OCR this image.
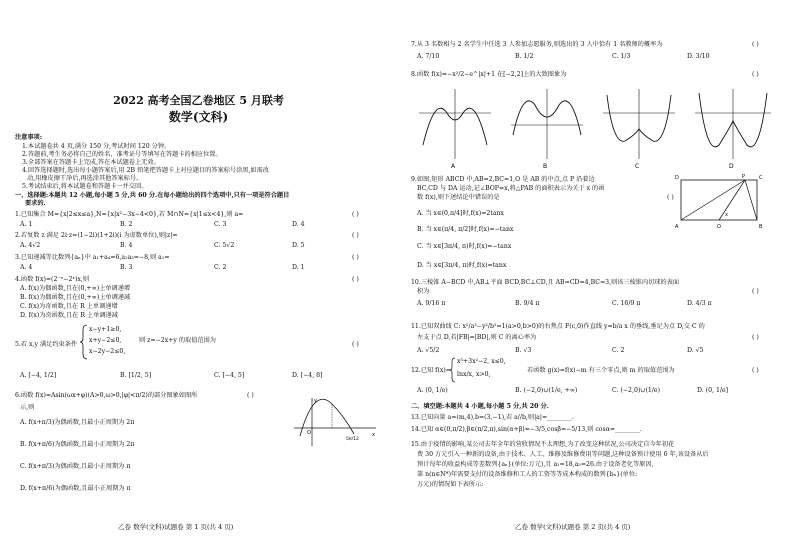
2022 高考全国乙卷地区 5 月联考
数学(文科)
注意事项:
1.本试题卷共 4 页,满分 150 分,考试时间 120 分钟。
2.答题前,考生务必将自己的姓名、准考证号等填写在答题卡的相应位置。
3.全部答案在答题卡上完成,答在本试题卷上无效。
4.回答选择题时,选出每小题答案后,用 2B 铅笔把答题卡上对应题目的答案标号涂黑,如需改
动,用橡皮擦干净后,再选涂其他答案标号。
5.考试结束后,将本试题卷和答题卡一并交回。
一、选择题:本题共 12 小题,每小题 5 分,共 60 分.在每小题给出的四个选项中,只有一项是符合题目
要求的.
1.已知集合 M={x|2≤x≤a},N={x|x²−3x−4<0},若 M∩N={x|1≤x<4},则 a=	( )
A. 1	B. 2	C. 3	D. 4
2.若复数 z 满足 2i·z=(1−2i)(1+2i)(i 为虚数单位),则|z|=	( )
A. 4√2	B. 4	C. 5√2	D. 5
3.已知递减等比数列{aₙ}中 a₁+a₄=6,a₂a₃=−8,则 a₁=	( )
A. 4	B. 3	C. 2	D. 1
4.函数 f(x)=(2⁻ˣ−2ˣ)x,则	( )
A. f(x)为偶函数,且在(0,+∞)上单调递增
B. f(x)为偶函数,且在(0,+∞)上单调递减
C. f(x)为奇函数,且在 R 上单调递增
D. f(x)为奇函数,且在 R 上单调递减
5.若 x,y 满足约束条件
x−y+1≥0,
x+y−2≤0,
x−2y−2≤0,
则 z=−2x+y 的取值范围为
( )
A. [−4, 1/2]	B. [1/2, 5]	C. [−4, 5]	D. [−4, 8]
6.函数 f(x)=Asin(ωx+φ)(A>0,ω>0,|φ|<π/2)的部分图象如图所
示,则
A. f(x+π/3)为偶函数,且最小正周期为 2π
B. f(x+π/6)为偶函数,且最小正周期为 2π
C. f(x+π/3)为偶函数,且最小正周期为 π
D. f(x+π/6)为偶函数,且最小正周期为 π
( )
O	x
y
5π/12
乙卷 数学(文科)试题卷 第 1 页(共 4 页)
7.从 3 名数相与 2 名学生中任选 3 人参加志愿服务,则选出的 3 人中恰有 1 名教师的概率为	( )
A. 7/10	B. 1/2	C. 1/3	D. 3/10
8.函数 f(x)=−x²/2−e^|x|+1 在[−2,2]上的大致图象为	( )
A	B	C	D
9.如图,矩形 ABCD 中,AB=2,BC=1,O 是 AB 的中点,点 P 沿着边
BC,CD 与 DA 运动,记∠BOP=x,将△PAB 的面积表示为关于 x 的函
数 f(x),则下述结论中错误的是	( )
A. 当 x∈(0,π/4]时,f(x)=2tanx
B. 当 x∈(π/4, π/2]时,f(x)=−tanx
C. 当 x∈[3π/4, π)时,f(x)=−tanx
D. 当 x∈[3π/4, π)时,f(x)=tanx
D	P	C
A	O	B
x
10.三棱锥 A−BCD 中,AB⊥平面 BCD,BC⊥CD,且 AB=CD=4,BC=3,则该三棱锥内切球的表面
积为	( )
A. 9/16 π	B. 9/4 π	C. 16/9 π	D. 4/3 π
11.已知双曲线 C: x²/a²−y²/b²=1(a>0,b>0)的右焦点 F(c,0)作直线 y=b/a x 的垂线,垂足为点 D,交 C 的
左支于点 D,若|FB|=|BD|,则 C 的离心率为	( )
A. √5/2	B. √3	C. 2	D. √5
12.已知 f(x)=
x³+3x²−2, x≤0,
lnx/x, x>0,
若函数 g(x)=f(x)−m 有三个零点,则 m 的取值范围为	( )
A. (0, 1/e)	B. (−2,0)∪(1/e, +∞)	C. (−2,0)∪(1/e)	D. (0, 1/e]
二、填空题:本题共 4 小题,每小题 5 分,共 20 分.
13.已知向量 a=(m,4),b=(3,−1),若 a//b,则|a|=________.
14.已知 α∈(0,π/2),β∈(π/2,π),sin(α+β)=−3/5,cosβ=−5/13,则 cosα=________.
15.由于疫情的影响,某公司去年全年的营收情况不太理想,为了改变这种状况,公司决定自今年初花
费 30 万元引入一种新的设备,由于技术、人工、维修及维修费用等问题,这种设备预计使用 6 年,该设备从后
预计每年的收益构成等差数列{aₙ}(单位:万元),且 a₁=18,a₅=26.由于设备老化等原因,
第 n(n∈N*)年需要支付的设备维修和工人的工资等等成本构成的数列{bₙ}(单位:
万元)的情况如下表所示:
乙卷 数学(文科)试题卷 第 2 页(共 4 页)
